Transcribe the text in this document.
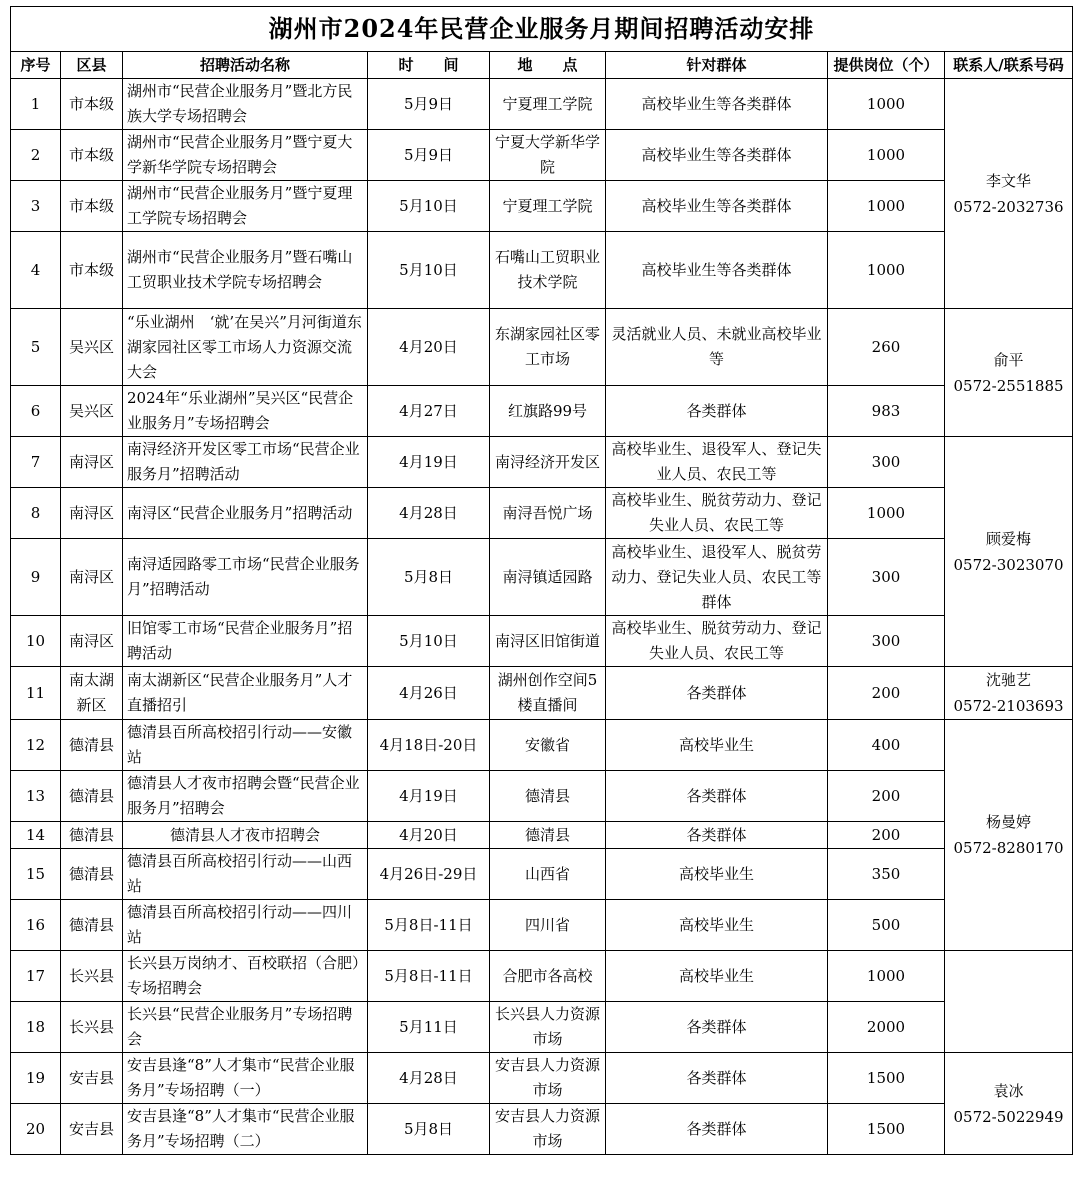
湖州市2024年民营企业服务月期间招聘活动安排							
序号	区县	招聘活动名称	时　　间	地　　点	针对群体	提供岗位（个）	联系人/联系号码
1	市本级	湖州市“民营企业服务月”暨北方民族大学专场招聘会	5月9日	宁夏理工学院	高校毕业生等各类群体	1000	李文华
0572-2032736

2	市本级	湖州市“民营企业服务月”暨宁夏大学新华学院专场招聘会	5月9日	宁夏大学新华学院	高校毕业生等各类群体	1000	
3	市本级	湖州市“民营企业服务月”暨宁夏理工学院专场招聘会	5月10日	宁夏理工学院	高校毕业生等各类群体	1000	
4	市本级	湖州市“民营企业服务月”暨石嘴山工贸职业技术学院专场招聘会	5月10日	石嘴山工贸职业技术学院	高校毕业生等各类群体	1000	
5	吴兴区	“乐业湖州　‘就’在吴兴”月河街道东湖家园社区零工市场人力资源交流大会	4月20日	东湖家园社区零工市场	灵活就业人员、未就业高校毕业等	260	俞平
0572-2551885

6	吴兴区	2024年“乐业湖州”吴兴区“民营企业服务月”专场招聘会	4月27日	红旗路99号	各类群体	983	
7	南浔区	南浔经济开发区零工市场“民营企业服务月”招聘活动	4月19日	南浔经济开发区	高校毕业生、退役军人、登记失业人员、农民工等	300	顾爱梅
0572-3023070

8	南浔区	南浔区“民营企业服务月”招聘活动	4月28日	南浔吾悦广场	高校毕业生、脱贫劳动力、登记失业人员、农民工等	1000	
9	南浔区	南浔适园路零工市场“民营企业服务月”招聘活动	5月8日	南浔镇适园路	高校毕业生、退役军人、脱贫劳动力、登记失业人员、农民工等群体	300	
10	南浔区	旧馆零工市场“民营企业服务月”招聘活动	5月10日	南浔区旧馆街道	高校毕业生、脱贫劳动力、登记失业人员、农民工等	300	
11	南太湖新区	南太湖新区“民营企业服务月”人才直播招引	4月26日	湖州创作空间5楼直播间	各类群体	200	沈驰艺
0572-2103693

12	德清县	德清县百所高校招引行动——安徽站	4月18日-20日	安徽省	高校毕业生	400	杨曼婷
0572-8280170

13	德清县	德清县人才夜市招聘会暨“民营企业服务月”招聘会	4月19日	德清县	各类群体	200	
14	德清县	德清县人才夜市招聘会	4月20日	德清县	各类群体	200	
15	德清县	德清县百所高校招引行动——山西站	4月26日-29日	山西省	高校毕业生	350	
16	德清县	德清县百所高校招引行动——四川站	5月8日-11日	四川省	高校毕业生	500	
17	长兴县	长兴县万岗纳才、百校联招（合肥）专场招聘会	5月8日-11日	合肥市各高校	高校毕业生	1000	
18	长兴县	长兴县“民营企业服务月”专场招聘会	5月11日	长兴县人力资源市场	各类群体	2000	
19	安吉县	安吉县逢“8”人才集市“民营企业服务月”专场招聘（一）	4月28日	安吉县人力资源市场	各类群体	1500	袁冰
0572-5022949

20	安吉县	安吉县逢“8”人才集市“民营企业服务月”专场招聘（二）	5月8日	安吉县人力资源市场	各类群体	1500	
